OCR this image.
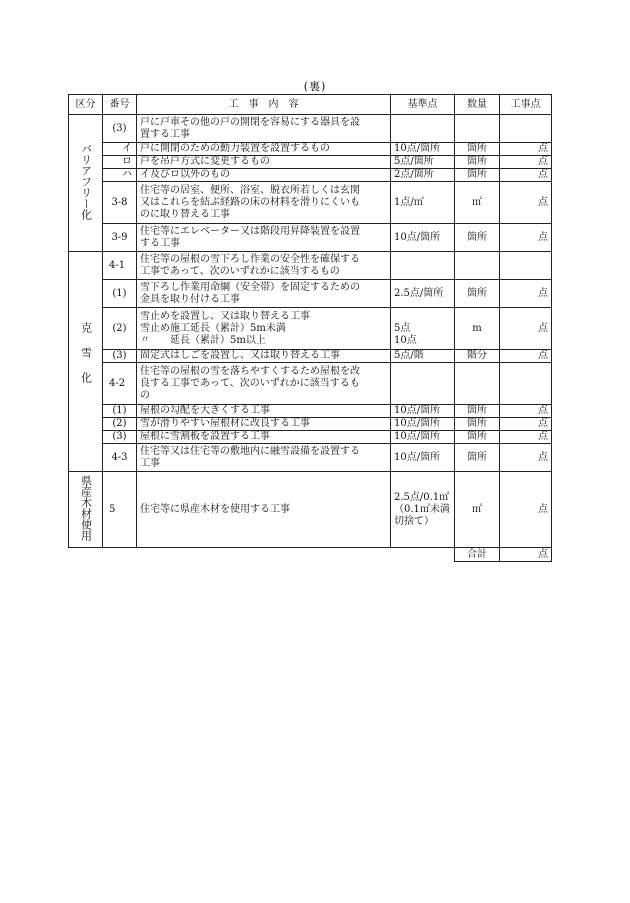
(裏)
区分	番号	工　事　内　容	基準点	数量	工事点
バリアフリー化	(3)	戸に戸車その他の戸の開閉を容易にする器具を設
置する工事			

	イ	戸に開閉のための動力装置を設置するもの	10点/箇所	箇所	点
	ロ	戸を吊戸方式に変更するもの	5点/箇所	箇所	点
	ハ	イ及びロ以外のもの	2点/箇所	箇所	点
	3-8	住宅等の居室、便所、浴室、脱衣所若しくは玄関
又はこれらを結ぶ経路の床の材料を滑りにくいも
のに取り替える工事	1点/㎡	㎡	点
	3-9	住宅等にエレベーター又は階段用昇降装置を設置
する工事	10点/箇所	箇所	点
克雪化	4-1	住宅等の屋根の雪下ろし作業の安全性を確保する
工事であって、次のいずれかに該当するもの			

	(1)	雪下ろし作業用命綱（安全帯）を固定するための
金具を取り付ける工事	2.5点/箇所	箇所	点
	(2)	雪止めを設置し、又は取り替える工事
雪止め施工延長（累計）5m未満
〃　　延長（累計）5m以上	5点
10点	m	点
	(3)	固定式はしごを設置し、又は取り替える工事	5点/階	階分	点
	4-2	住宅等の屋根の雪を落ちやすくするため屋根を改
良する工事であって、次のいずれかに該当するも
の			

	(1)	屋根の勾配を大きくする工事	10点/箇所	箇所	点
	(2)	雪が滑りやすい屋根材に改良する工事	10点/箇所	箇所	点
	(3)	屋根に雪割板を設置する工事	10点/箇所	箇所	点
	4-3	住宅等又は住宅等の敷地内に融雪設備を設置する
工事	10点/箇所	箇所	点
県産木材使用	5	住宅等に県産木材を使用する工事	2.5点/0.1㎡
（0.1㎡未満
切捨て）	㎡	点
				合計	点
